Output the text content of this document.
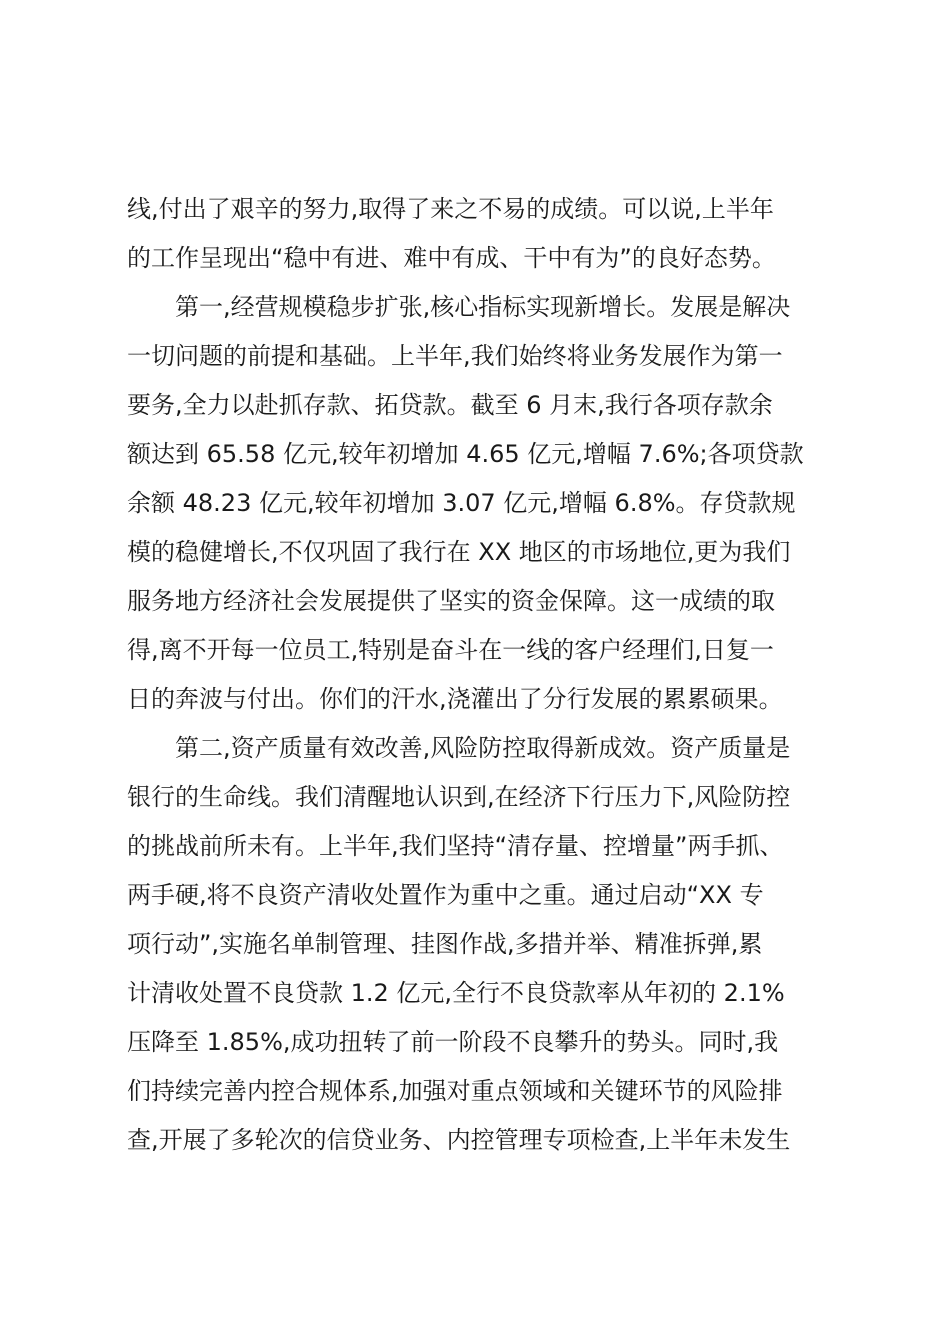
线,付出了艰辛的努力,取得了来之不易的成绩。可以说,上半年
的工作呈现出“稳中有进、难中有成、干中有为”的良好态势。
第一,经营规模稳步扩张,核心指标实现新增长。发展是解决
一切问题的前提和基础。上半年,我们始终将业务发展作为第一
要务,全力以赴抓存款、拓贷款。截至 6 月末,我行各项存款余
额达到 65.58 亿元,较年初增加 4.65 亿元,增幅 7.6%;各项贷款
余额 48.23 亿元,较年初增加 3.07 亿元,增幅 6.8%。存贷款规
模的稳健增长,不仅巩固了我行在 XX 地区的市场地位,更为我们
服务地方经济社会发展提供了坚实的资金保障。这一成绩的取
得,离不开每一位员工,特别是奋斗在一线的客户经理们,日复一
日的奔波与付出。你们的汗水,浇灌出了分行发展的累累硕果。
第二,资产质量有效改善,风险防控取得新成效。资产质量是
银行的生命线。我们清醒地认识到,在经济下行压力下,风险防控
的挑战前所未有。上半年,我们坚持“清存量、控增量”两手抓、
两手硬,将不良资产清收处置作为重中之重。通过启动“XX 专
项行动”,实施名单制管理、挂图作战,多措并举、精准拆弹,累
计清收处置不良贷款 1.2 亿元,全行不良贷款率从年初的 2.1%
压降至 1.85%,成功扭转了前一阶段不良攀升的势头。同时,我
们持续完善内控合规体系,加强对重点领域和关键环节的风险排
查,开展了多轮次的信贷业务、内控管理专项检查,上半年未发生
